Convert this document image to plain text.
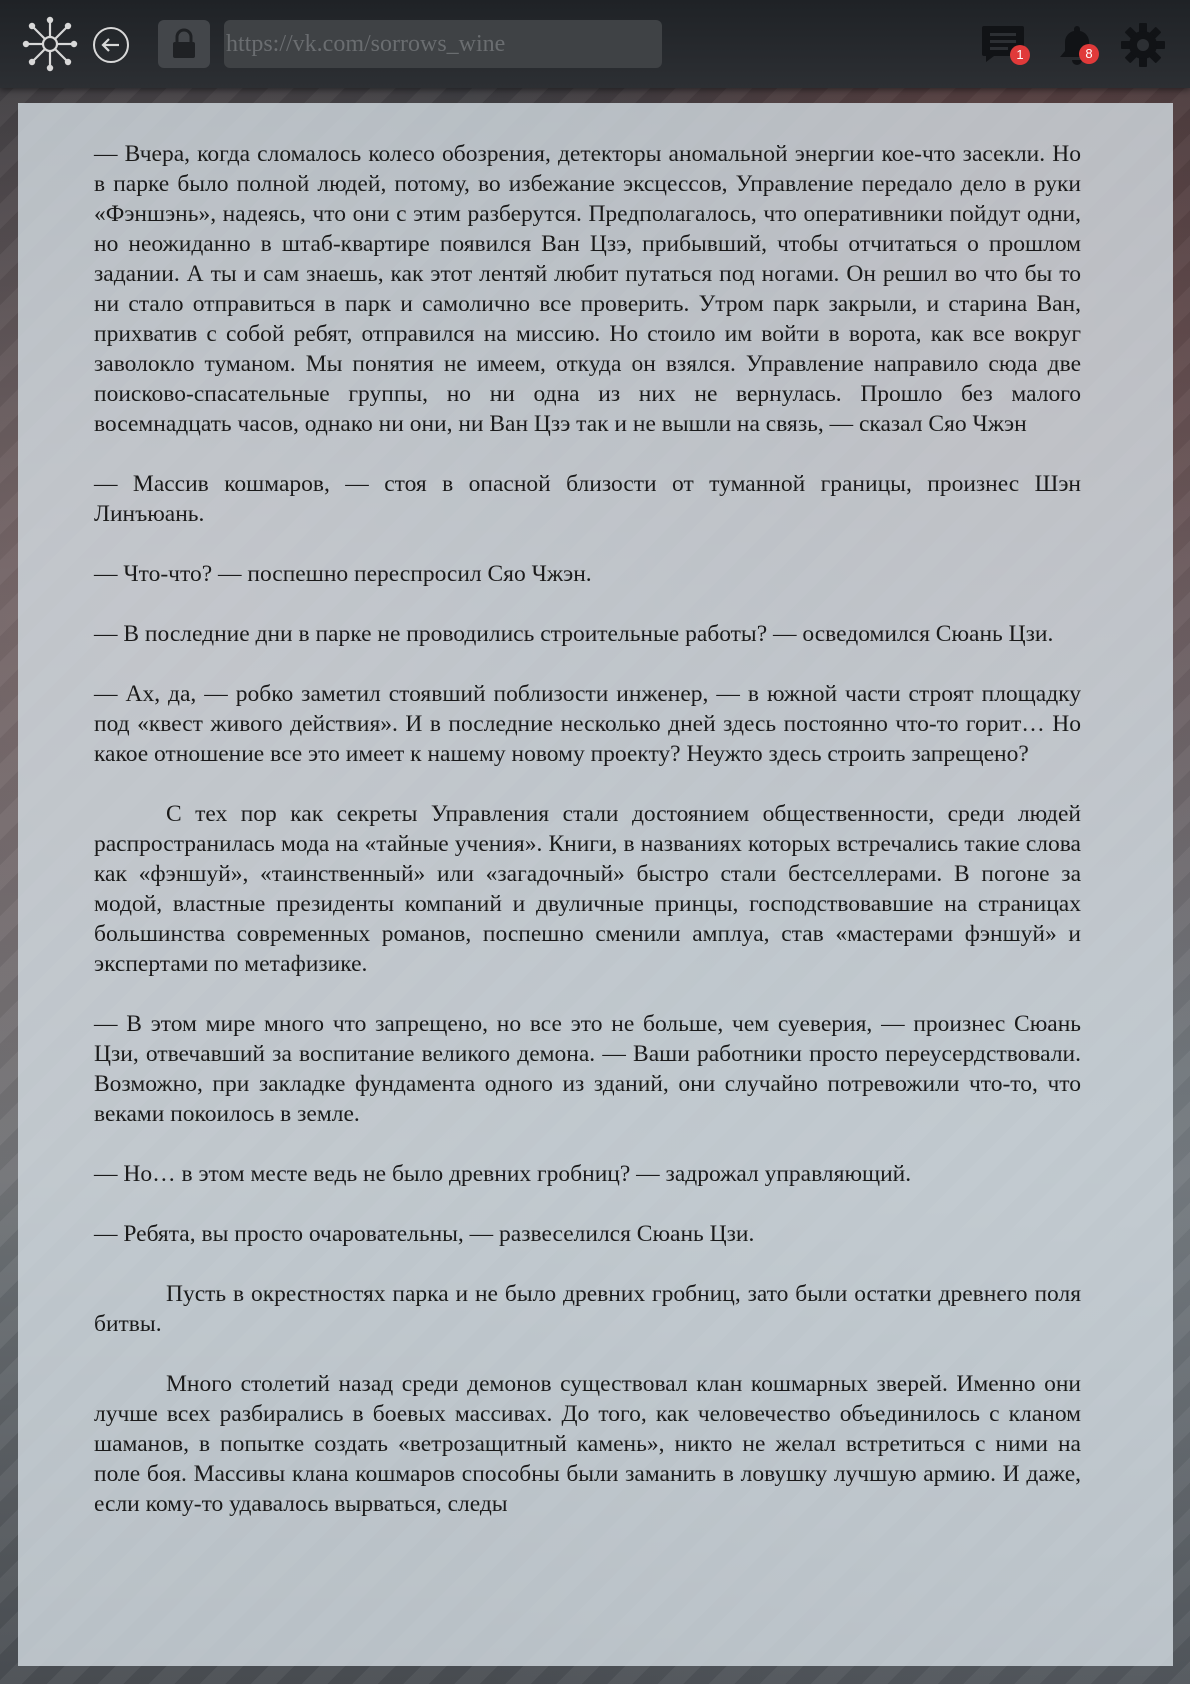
https://vk.com/sorrows_wine
1	8

— Вчера, когда сломалось колесо обозрения, детекторы аномальной энергии кое-что засекли. Но в парке было полной людей, потому, во избежание эксцессов, Управление передало дело в руки «Фэншэнь», надеясь, что они с этим разберутся. Предполагалось, что оперативники пойдут одни, но неожиданно в штаб-квартире появился Ван Цзэ, прибывший, чтобы отчитаться о прошлом задании. А ты и сам знаешь, как этот лентяй любит путаться под ногами. Он решил во что бы то ни стало отправиться в парк и самолично все проверить. Утром парк закрыли, и старина Ван, прихватив с собой ребят, отправился на миссию. Но стоило им войти в ворота, как все вокруг заволокло туманом. Мы понятия не имеем, откуда он взялся. Управление направило сюда две поисково-спасательные группы, но ни одна из них не вернулась. Прошло без малого восемнадцать часов, однако ни они, ни Ван Цзэ так и не вышли на связь, — сказал Сяо Чжэн

— Массив кошмаров, — стоя в опасной близости от туманной границы, произнес Шэн Линъюань.

— Что-что? — поспешно переспросил Сяо Чжэн.

— В последние дни в парке не проводились строительные работы? — осведомился Сюань Цзи.

— Ах, да, — робко заметил стоявший поблизости инженер, — в южной части строят площадку под «квест живого действия». И в последние несколько дней здесь постоянно что-то горит… Но какое отношение все это имеет к нашему новому проекту? Неужто здесь строить запрещено?

С тех пор как секреты Управления стали достоянием общественности, среди людей распространилась мода на «тайные учения». Книги, в названиях которых встречались такие слова как «фэншуй», «таинственный» или «загадочный» быстро стали бестселлерами. В погоне за модой, властные президенты компаний и двуличные принцы, господствовавшие на страницах большинства современных романов, поспешно сменили амплуа, став «мастерами фэншуй» и экспертами по метафизике.

— В этом мире много что запрещено, но все это не больше, чем суеверия, — произнес Сюань Цзи, отвечавший за воспитание великого демона. — Ваши работники просто переусердствовали. Возможно, при закладке фундамента одного из зданий, они случайно потревожили что-то, что веками покоилось в земле.

— Но… в этом месте ведь не было древних гробниц? — задрожал управляющий.

— Ребята, вы просто очаровательны, — развеселился Сюань Цзи.

Пусть в окрестностях парка и не было древних гробниц, зато были остатки древнего поля битвы.

Много столетий назад среди демонов существовал клан кошмарных зверей. Именно они лучше всех разбирались в боевых массивах. До того, как человечество объединилось с кланом шаманов, в попытке создать «ветрозащитный камень», никто не желал встретиться с ними на поле боя. Массивы клана кошмаров способны были заманить в ловушку лучшую армию. И даже, если кому-то удавалось вырваться, следы
